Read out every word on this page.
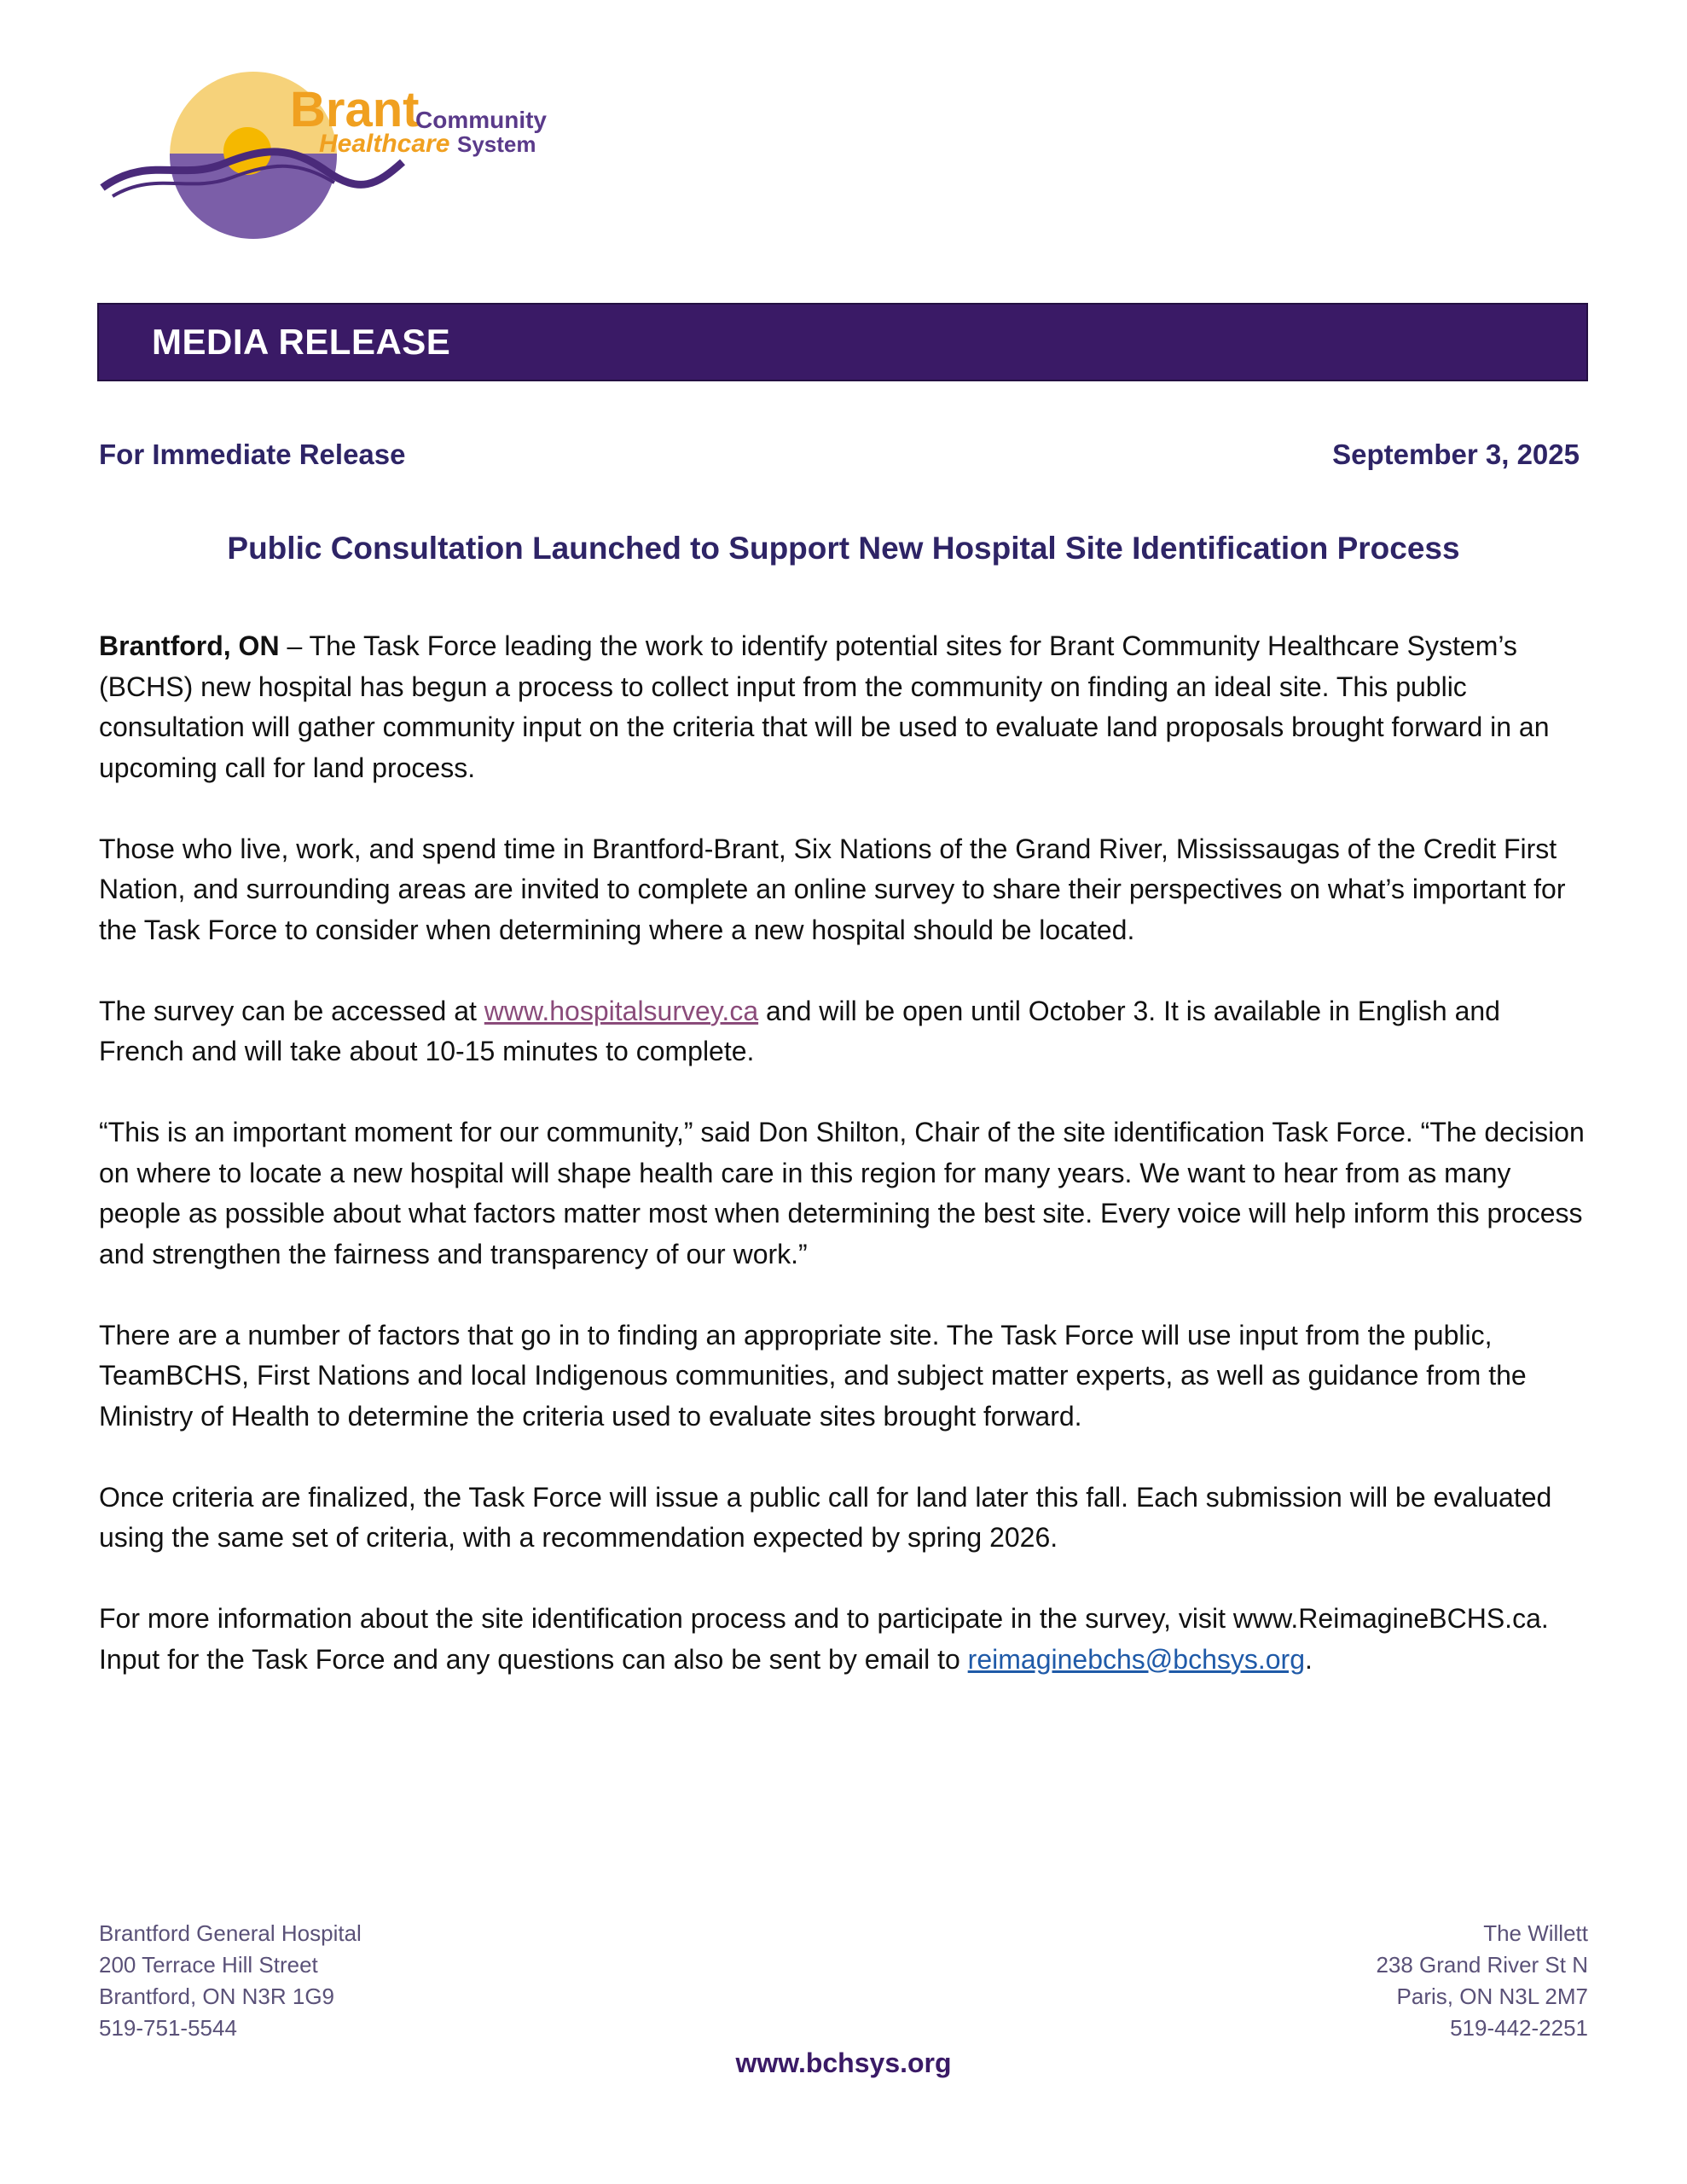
Brant
Community
Healthcare System
MEDIA RELEASE
For Immediate Release	September 3, 2025
Public Consultation Launched to Support New Hospital Site Identification Process

Brantford, ON – The Task Force leading the work to identify potential sites for Brant Community Healthcare System’s (BCHS) new hospital has begun a process to collect input from the community on finding an ideal site. This public consultation will gather community input on the criteria that will be used to evaluate land proposals brought forward in an upcoming call for land process.

Those who live, work, and spend time in Brantford-Brant, Six Nations of the Grand River, Mississaugas of the Credit First Nation, and surrounding areas are invited to complete an online survey to share their perspectives on what’s important for the Task Force to consider when determining where a new hospital should be located.

The survey can be accessed at www.hospitalsurvey.ca and will be open until October 3. It is available in English and French and will take about 10-15 minutes to complete.

“This is an important moment for our community,” said Don Shilton, Chair of the site identification Task Force. “The decision on where to locate a new hospital will shape health care in this region for many years. We want to hear from as many people as possible about what factors matter most when determining the best site. Every voice will help inform this process and strengthen the fairness and transparency of our work.”

There are a number of factors that go in to finding an appropriate site. The Task Force will use input from the public, TeamBCHS, First Nations and local Indigenous communities, and subject matter experts, as well as guidance from the Ministry of Health to determine the criteria used to evaluate sites brought forward.

Once criteria are finalized, the Task Force will issue a public call for land later this fall. Each submission will be evaluated using the same set of criteria, with a recommendation expected by spring 2026.

For more information about the site identification process and to participate in the survey, visit www.ReimagineBCHS.ca. Input for the Task Force and any questions can also be sent by email to reimaginebchs@bchsys.org.

Brantford General Hospital
200 Terrace Hill Street
Brantford, ON N3R 1G9
519-751-5544
The Willett
238 Grand River St N
Paris, ON N3L 2M7
519-442-2251
www.bchsys.org
